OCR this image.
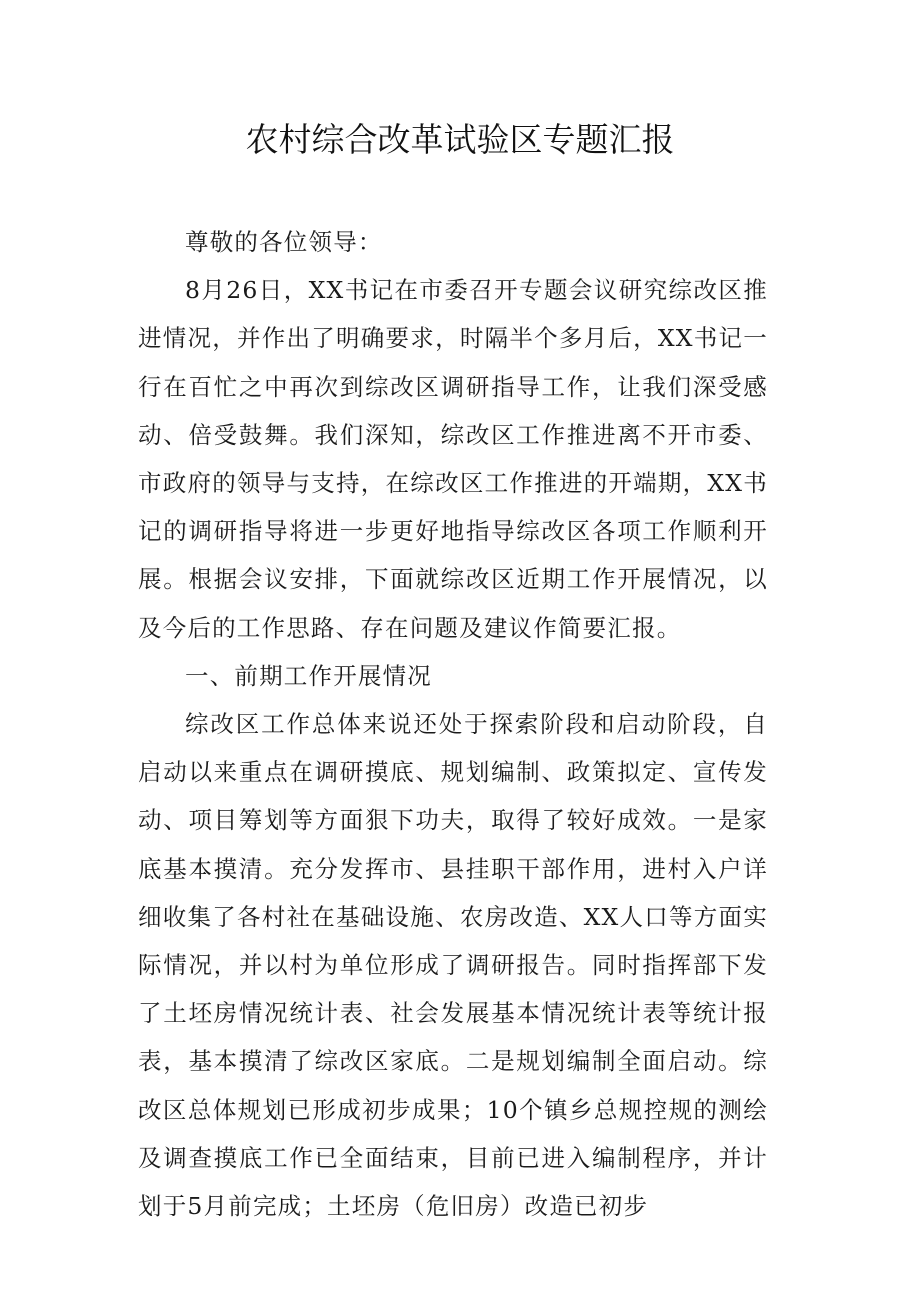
农村综合改革试验区专题汇报

尊敬的各位领导：

8月26日，XX书记在市委召开专题会议研究综改区推进情况，并作出了明确要求，时隔半个多月后，XX书记一行在百忙之中再次到综改区调研指导工作，让我们深受感动、倍受鼓舞。我们深知，综改区工作推进离不开市委、市政府的领导与支持，在综改区工作推进的开端期，XX书记的调研指导将进一步更好地指导综改区各项工作顺利开展。根据会议安排，下面就综改区近期工作开展情况，以及今后的工作思路、存在问题及建议作简要汇报。

一、前期工作开展情况

综改区工作总体来说还处于探索阶段和启动阶段，自启动以来重点在调研摸底、规划编制、政策拟定、宣传发动、项目筹划等方面狠下功夫，取得了较好成效。一是家底基本摸清。充分发挥市、县挂职干部作用，进村入户详细收集了各村社在基础设施、农房改造、XX人口等方面实际情况，并以村为单位形成了调研报告。同时指挥部下发了土坯房情况统计表、社会发展基本情况统计表等统计报表，基本摸清了综改区家底。二是规划编制全面启动。综改区总体规划已形成初步成果；10个镇乡总规控规的测绘及调查摸底工作已全面结束，目前已进入编制程序，并计划于5月前完成；土坯房（危旧房）改造已初步
